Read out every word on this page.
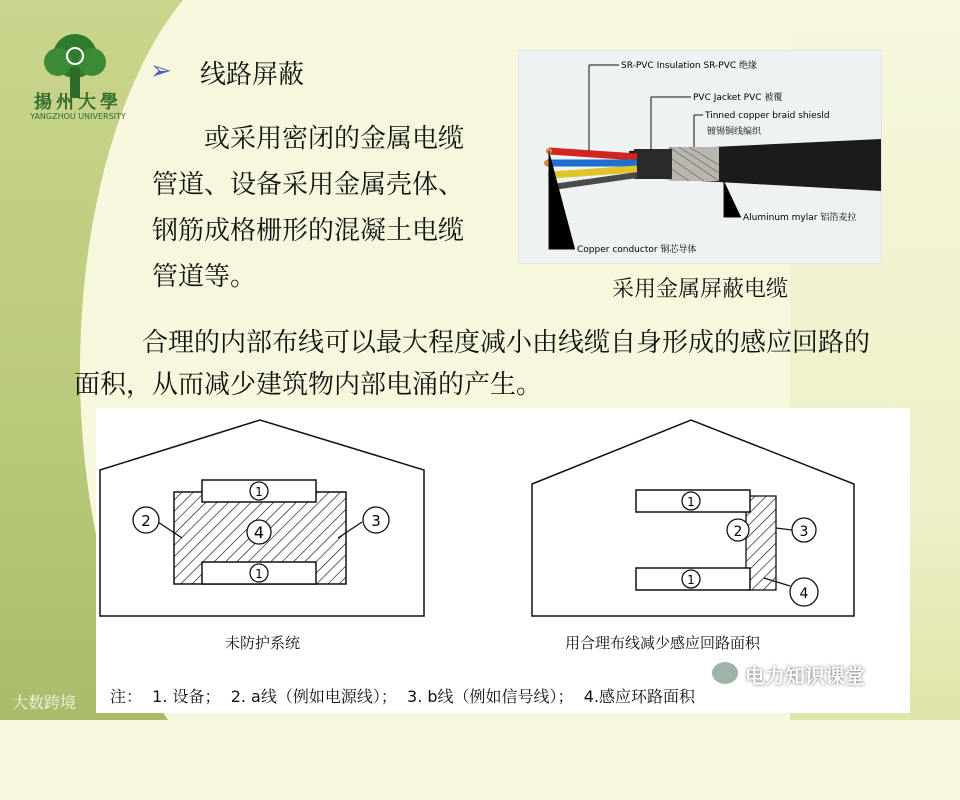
揚州大學
YANGZHOU UNIVERSITY
➢ 线路屏蔽
或采用密闭的金属电缆管道、设备采用金属壳体、钢筋成格栅形的混凝土电缆管道等。
SR-PVC Insulation SR-PVC 绝缘
PVC Jacket PVC 被覆
Tinned copper braid shiesld
镀锡铜线编织
Aluminum mylar 铝箔麦拉
Copper conductor 铜芯导体
采用金属屏蔽电缆
合理的内部布线可以最大程度减小由线缆自身形成的感应回路的面积，从而减少建筑物内部电涌的产生。
1
1
4
2	3
1
1
2	3
4
未防护系统	用合理布线减少感应回路面积
注：  1. 设备；  2. a线（例如电源线）；  3. b线（例如信号线）；  4.感应环路面积
大数跨境
电力知识课堂
